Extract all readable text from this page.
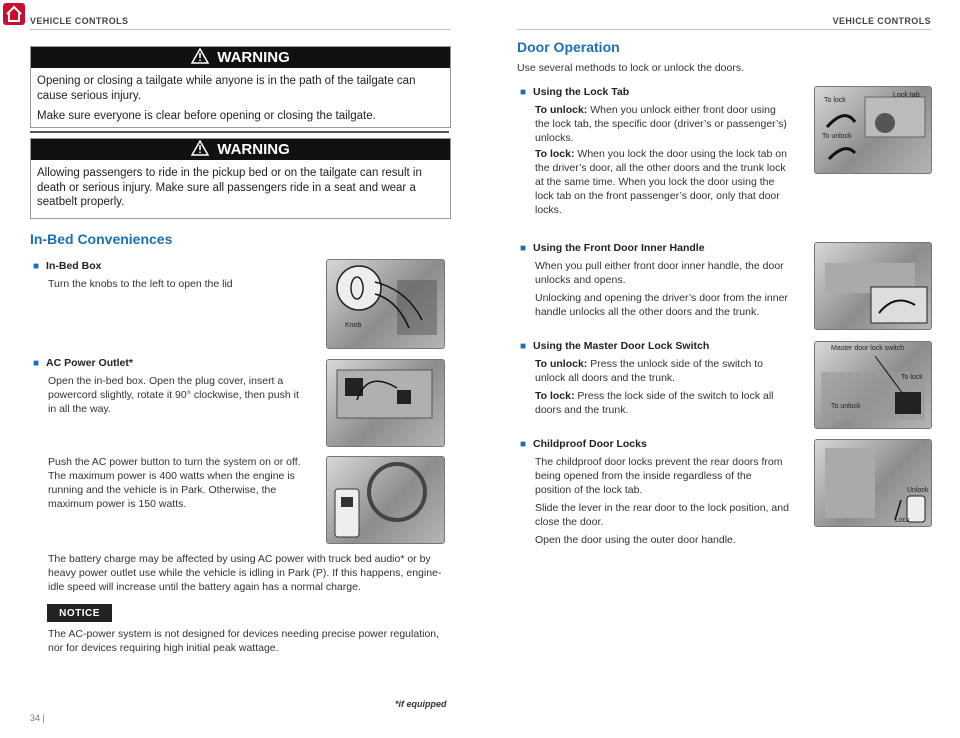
VEHICLE CONTROLS	VEHICLE CONTROLS
WARNING

Opening or closing a tailgate while anyone is in the path of the tailgate can cause serious injury.

Make sure everyone is clear before opening or closing the tailgate.

WARNING

Allowing passengers to ride in the pickup bed or on the tailgate can result in death or serious injury. Make sure all passengers ride in a seat and wear a seatbelt properly.

In-Bed Conveniences
■ In-Bed Box
Turn the knobs to the left to open the lid
Knob
■ AC Power Outlet*
Open the in-bed box. Open the plug cover, insert a powercord slightly, rotate it 90° clockwise, then push it in all the way.
Push the AC power button to turn the system on or off. The maximum power is 400 watts when the engine is running and the vehicle is in Park. Otherwise, the maximum power is 150 watts.
The battery charge may be affected by using AC power with truck bed audio* or by heavy power outlet use while the vehicle is idling in Park (P). If this happens, engine-idle speed will increase until the battery again has a normal charge.
NOTICE
The AC-power system is not designed for devices needing precise power regulation, nor for devices requiring high initial peak wattage.
*if equipped
34 |
Door Operation
Use several methods to lock or unlock the doors.
■ Using the Lock Tab
To unlock: When you unlock either front door using the lock tab, the specific door (driver’s or passenger’s) unlocks.
To lock: When you lock the door using the lock tab on the driver’s door, all the other doors and the trunk lock at the same time. When you lock the door using the lock tab on the front passenger’s door, only that door locks.
To lock
Lock tab
To unlock
■ Using the Front Door Inner Handle
When you pull either front door inner handle, the door unlocks and opens.
Unlocking and opening the driver’s door from the inner handle unlocks all the other doors and the trunk.
■ Using the Master Door Lock Switch
To unlock: Press the unlock side of the switch to unlock all doors and the trunk.
To lock: Press the lock side of the switch to lock all doors and the trunk.
Master door lock switch
To lock
To unlock
■ Childproof Door Locks
The childproof door locks prevent the rear doors from being opened from the inside regardless of the position of the lock tab.
Slide the lever in the rear door to the lock position, and close the door.
Open the door using the outer door handle.
Unlock
Lock
